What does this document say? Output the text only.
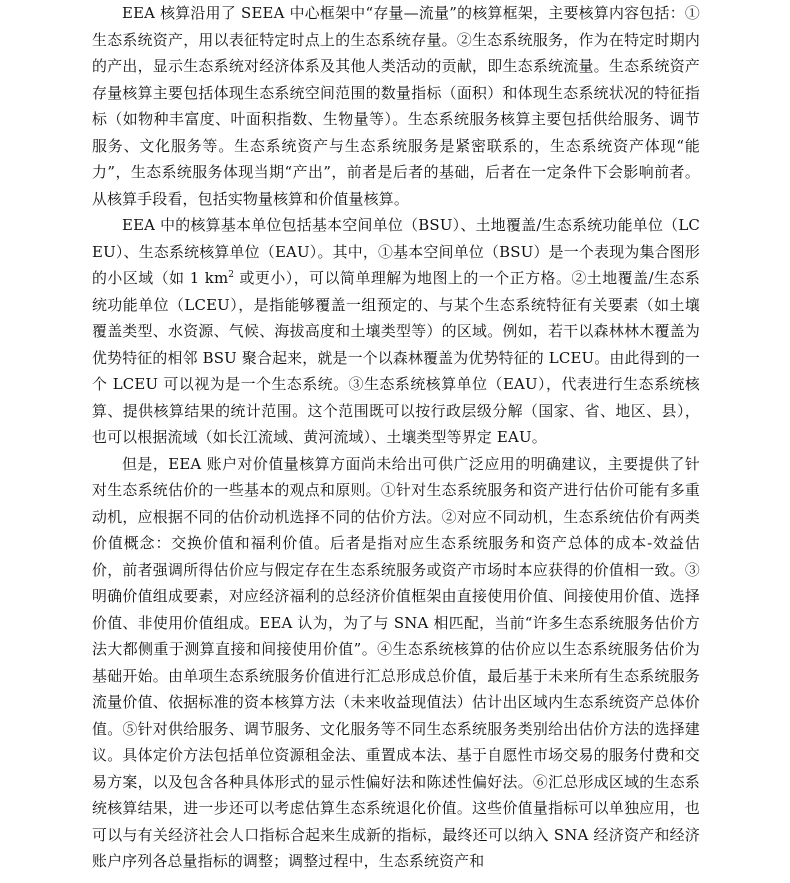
EEA 核算沿用了 SEEA 中心框架中“存量—流量”的核算框架，主要核算内容包括：①生态系统资产，用以表征特定时点上的生态系统存量。②生态系统服务，作为在特定时期内的产出，显示生态系统对经济体系及其他人类活动的贡献，即生态系统流量。生态系统资产存量核算主要包括体现生态系统空间范围的数量指标（面积）和体现生态系统状况的特征指标（如物种丰富度、叶面积指数、生物量等）。生态系统服务核算主要包括供给服务、调节服务、文化服务等。生态系统资产与生态系统服务是紧密联系的，生态系统资产体现“能力”，生态系统服务体现当期“产出”，前者是后者的基础，后者在一定条件下会影响前者。从核算手段看，包括实物量核算和价值量核算。

EEA 中的核算基本单位包括基本空间单位（BSU）、土地覆盖/生态系统功能单位（LCEU）、生态系统核算单位（EAU）。其中，①基本空间单位（BSU）是一个表现为集合图形的小区域（如 1 $km^2$ 或更小），可以简单理解为地图上的一个正方格。②土地覆盖/生态系统功能单位（LCEU），是指能够覆盖一组预定的、与某个生态系统特征有关要素（如土壤覆盖类型、水资源、气候、海拔高度和土壤类型等）的区域。例如，若干以森林林木覆盖为优势特征的相邻 BSU 聚合起来，就是一个以森林覆盖为优势特征的 LCEU。由此得到的一个 LCEU 可以视为是一个生态系统。③生态系统核算单位（EAU），代表进行生态系统核算、提供核算结果的统计范围。这个范围既可以按行政层级分解（国家、省、地区、县），也可以根据流域（如长江流域、黄河流域）、土壤类型等界定 EAU。

但是，EEA 账户对价值量核算方面尚未给出可供广泛应用的明确建议，主要提供了针对生态系统估价的一些基本的观点和原则。①针对生态系统服务和资产进行估价可能有多重动机，应根据不同的估价动机选择不同的估价方法。②对应不同动机，生态系统估价有两类价值概念：交换价值和福利价值。后者是指对应生态系统服务和资产总体的成本-效益估价，前者强调所得估价应与假定存在生态系统服务或资产市场时本应获得的价值相一致。③明确价值组成要素，对应经济福利的总经济价值框架由直接使用价值、间接使用价值、选择价值、非使用价值组成。EEA 认为，为了与 SNA 相匹配，当前“许多生态系统服务估价方法大都侧重于测算直接和间接使用价值”。④生态系统核算的估价应以生态系统服务估价为基础开始。由单项生态系统服务价值进行汇总形成总价值，最后基于未来所有生态系统服务流量价值、依据标准的资本核算方法（未来收益现值法）估计出区域内生态系统资产总体价值。⑤针对供给服务、调节服务、文化服务等不同生态系统服务类别给出估价方法的选择建议。具体定价方法包括单位资源租金法、重置成本法、基于自愿性市场交易的服务付费和交易方案，以及包含各种具体形式的显示性偏好法和陈述性偏好法。⑥汇总形成区域的生态系统核算结果，进一步还可以考虑估算生态系统退化价值。这些价值量指标可以单独应用，也可以与有关经济社会人口指标合起来生成新的指标，最终还可以纳入 SNA 经济资产和经济账户序列各总量指标的调整；调整过程中，生态系统资产和
